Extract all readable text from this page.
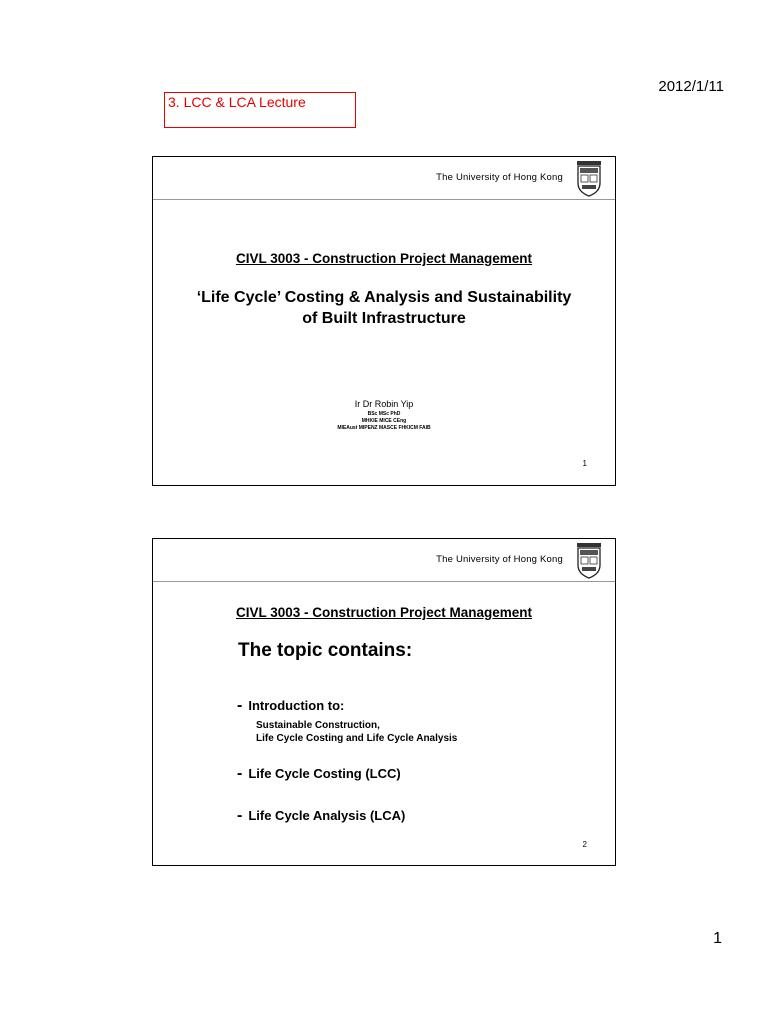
2012/1/11
3. LCC & LCA Lecture
The University of Hong Kong
CIVL 3003 - Construction Project Management
‘Life Cycle’ Costing & Analysis and Sustainability
of Built Infrastructure
Ir Dr Robin Yip
BSc MSc PhD
MHKIE MICE CEng
MIEAust MIPENZ MASCE FHKICM FAIB
1
The University of Hong Kong
CIVL 3003 - Construction Project Management
The topic contains:
- Introduction to:
Sustainable Construction,
Life Cycle Costing and Life Cycle Analysis
- Life Cycle Costing (LCC)
- Life Cycle Analysis (LCA)
2
1
